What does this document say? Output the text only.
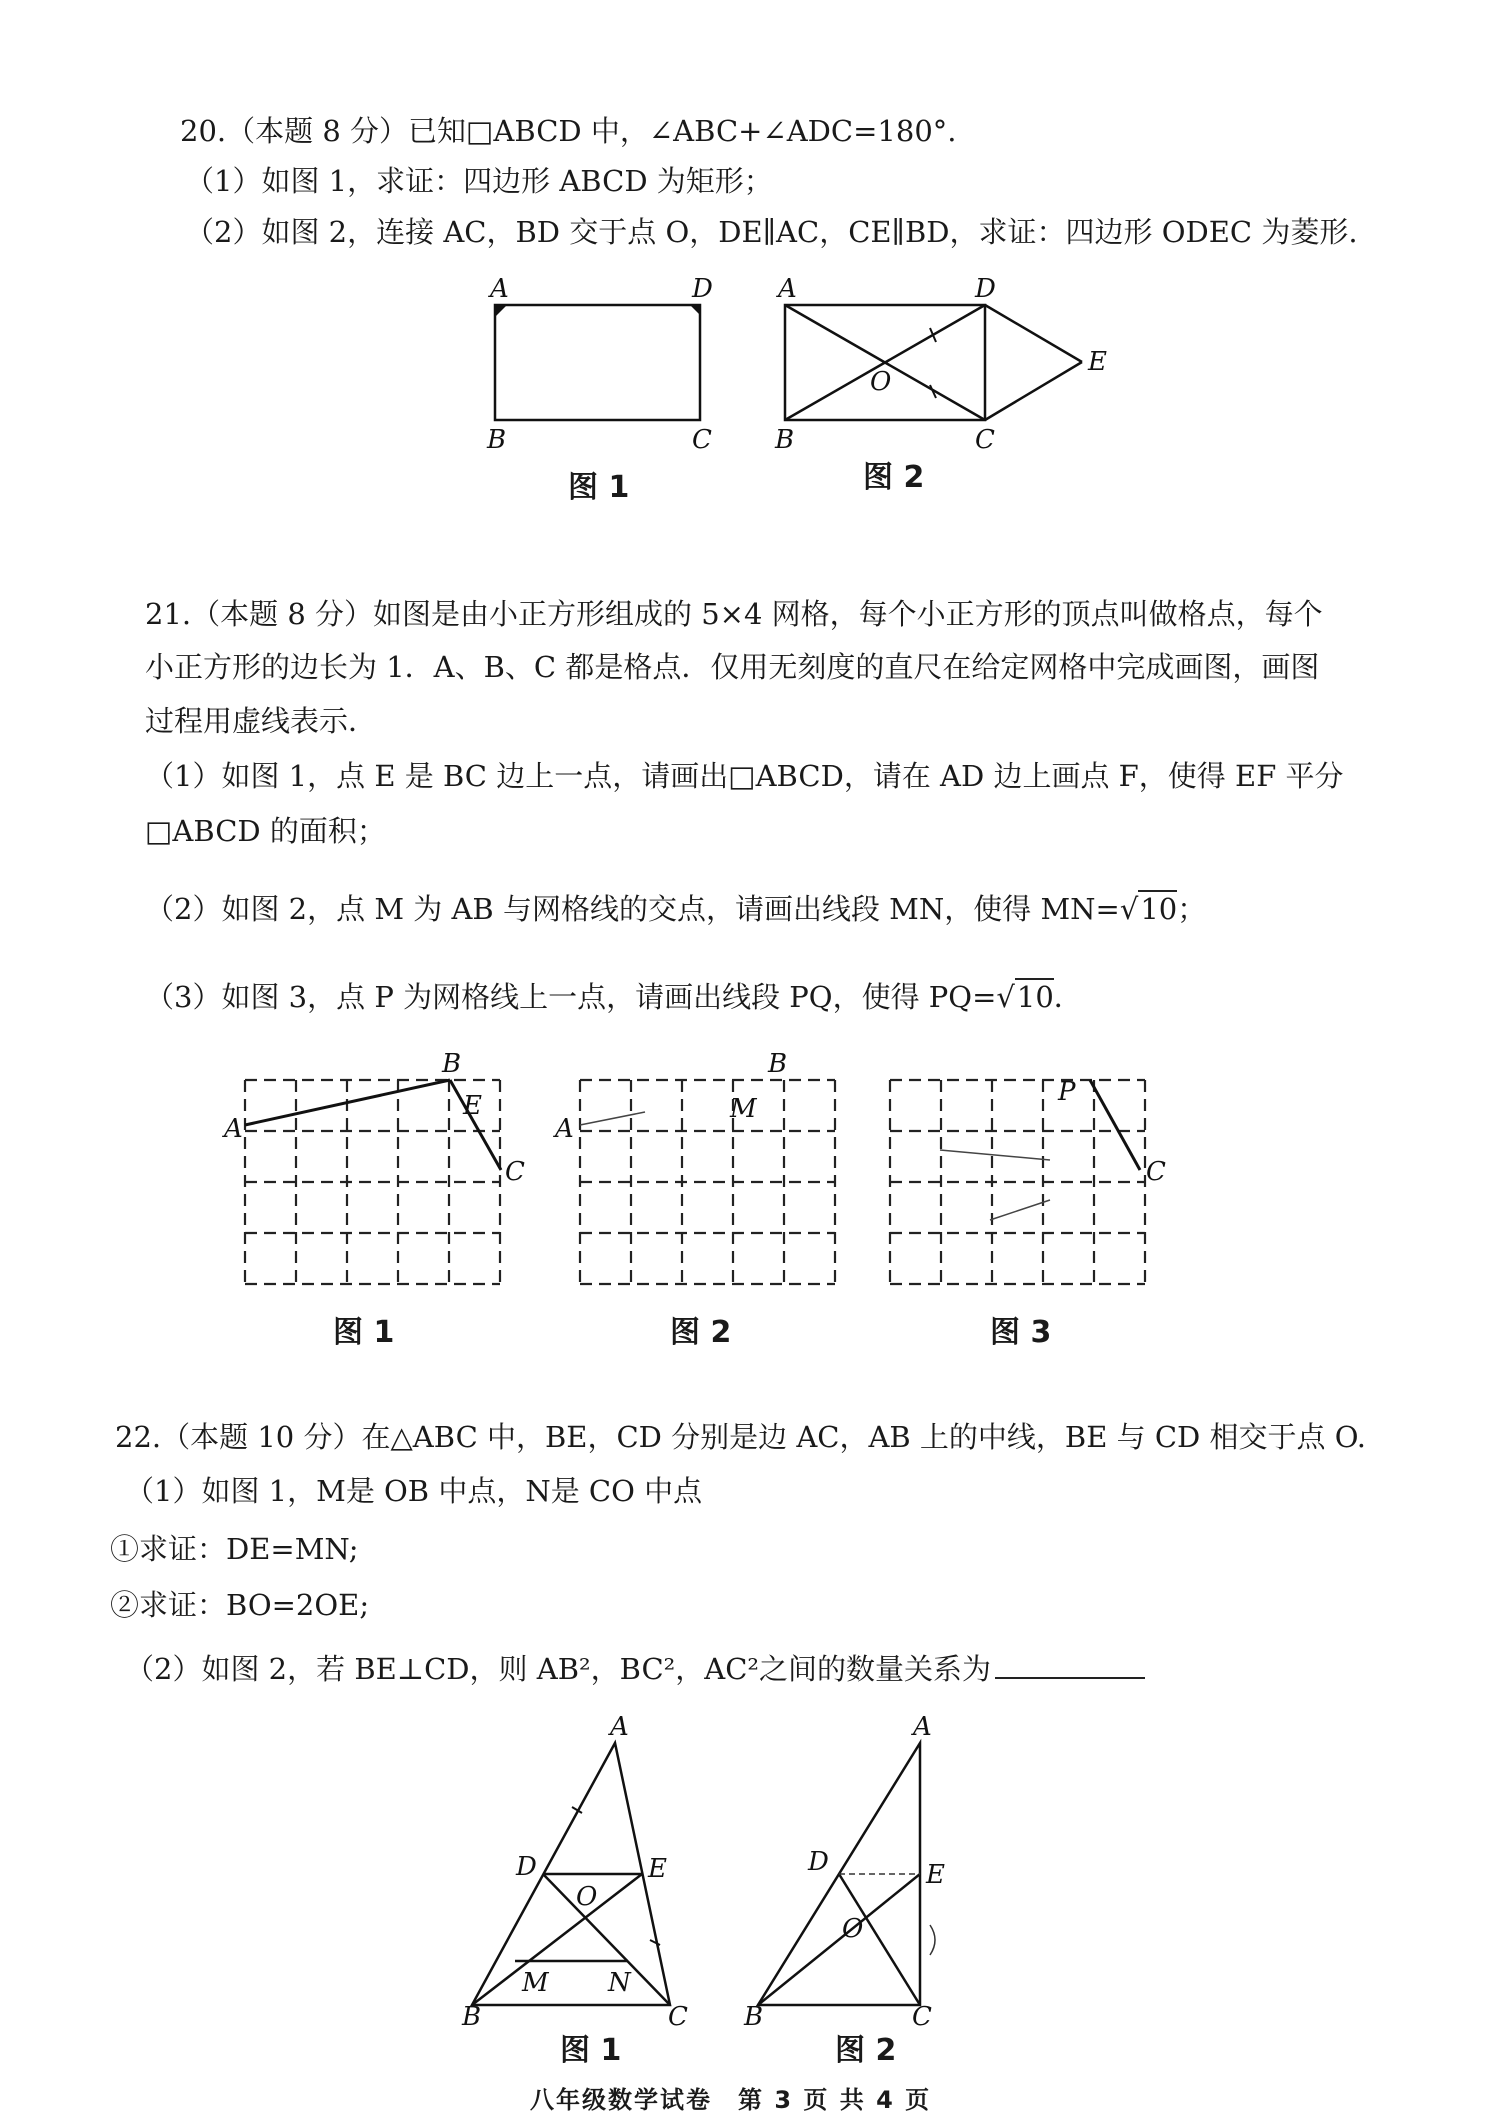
20.（本题 8 分）已知□ABCD 中，∠ABC+∠ADC=180°.
（1）如图 1，求证：四边形 ABCD 为矩形；
（2）如图 2，连接 AC，BD 交于点 O，DE∥AC，CE∥BD，求证：四边形 ODEC 为菱形.
A	D
B	C
图 1
A	D
E
O
B	C
图 2
21.（本题 8 分）如图是由小正方形组成的 5×4 网格，每个小正方形的顶点叫做格点，每个
小正方形的边长为 1．A、B、C 都是格点．仅用无刻度的直尺在给定网格中完成画图，画图
过程用虚线表示．
（1）如图 1，点 E 是 BC 边上一点，请画出□ABCD，请在 AD 边上画点 F，使得 EF 平分
□ABCD 的面积；
（2）如图 2，点 M 为 AB 与网格线的交点，请画出线段 MN，使得 MN=√10；
（3）如图 3，点 P 为网格线上一点，请画出线段 PQ，使得 PQ=√10．
A
B
E
C
图 1
A
B
M
图 2
P
C
图 3
22.（本题 10 分）在△ABC 中，BE，CD 分别是边 AC，AB 上的中线，BE 与 CD 相交于点 O.
（1）如图 1，M是 OB 中点，N是 CO 中点
①求证：DE=MN;
②求证：BO=2OE;
（2）如图 2，若 BE⊥CD，则 AB²，BC²，AC²之间的数量关系为
A
D	E
O
M N
B	C
图 1
A
D	E
O
B	C
图 2
八年级数学试卷　第 3 页 共 4 页
